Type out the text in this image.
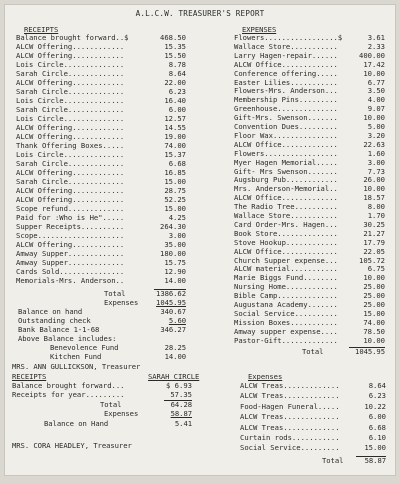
A.L.C.W. TREASURER'S REPORT
RECEIPTS
Balance brought forward..$	468.50
ALCW Offering............	15.35
ALCW Offering............	15.50
Lois Circle..............	8.78
Sarah Circle.............	8.64
ALCW Offering............	22.00
Sarah Circle.............	6.23
Lois Circle..............	16.40
Sarah Circle.............	6.00
Lois Circle..............	12.57
ALCW Offering............	14.55
ALCW Offering............	19.00
Thank Offering Boxes.....	74.00
Lois Circle..............	15.37
Sarah Circle.............	6.68
ALCW Offering............	16.85
Sarah Circle.............	15.00
ALCW Offering............	28.75
ALCW Offering............	52.25
Scope refund.............	15.00
Paid for :Who is He".....	4.25
Supper Receipts..........	264.30
Scope....................	3.00
ALCW Offering............	35.00
Amway Supper.............	180.00
Amway Supper.............	15.75
Cards Sold...............	12.90
Memorials-Mrs. Anderson..	14.00
Total	1386.62
Expenses	1045.95
Balance on hand	340.67
Outstanding check	5.60
Bank Balance 1-1-68	346.27
Above Balance includes:
Benevolence Fund	28.25
Kitchen Fund	14.00
MRS. ANN GULLICKSON, Treasurer
EXPENSES
Flowers.................$	3.61
Wallace Store...........	2.33
Larry Hagen-repair......	400.00
ALCW Office.............	17.42
Conference offering.....	10.00
Easter Lilies...........	6.77
Flowers-Mrs. Anderson...	3.50
Membership Pins.........	4.00
Greenhouse..............	9.07
Gift-Mrs. Swenson.......	10.00
Convention Dues.........	5.00
Floor Wax...............	3.20
ALCW Office.............	22.63
Flowers.................	1.60
Myer Hagen Memorial.....	3.00
Gift- Mrs Swenson.......	7.73
Augsburg Pub............	26.00
Mrs. Anderson-Memorial..	10.00
ALCW Office.............	18.57
The Radio Tree..........	8.00
Wallace Store...........	1.70
Card Order-Mrs. Hagen...	30.25
Book Store..............	21.27
Stove Hookup............	17.79
ALCW Office.............	22.05
Church Supper expense...	105.72
ALCW material...........	6.75
Marie Biggs Fund........	10.00
Nursing Home............	25.00
Bible Camp..............	25.00
Augustana Academy.......	25.00
Social Service..........	15.00
Mission Boxes...........	74.00
Amway supper expense....	78.50
Pastor-Gift.............	10.00
Total	1045.95
RECEIPTS	SARAH CIRCLE	Expenses
Balance brought forward...	$ 6.93
Receipts for year.........	57.35
Total	64.28
Expenses	58.87
Balance on Hand	5.41
MRS. CORA HEADLEY, Treasurer
ALCW Treas.............	8.64
ALCW Treas.............	6.23
Food-Hagen Funeral.....	10.22
ALCW Treas.............	6.00
ALCW Treas.............	6.68
Curtain rods...........	6.10
Social Service.........	15.00
Total	58.87
